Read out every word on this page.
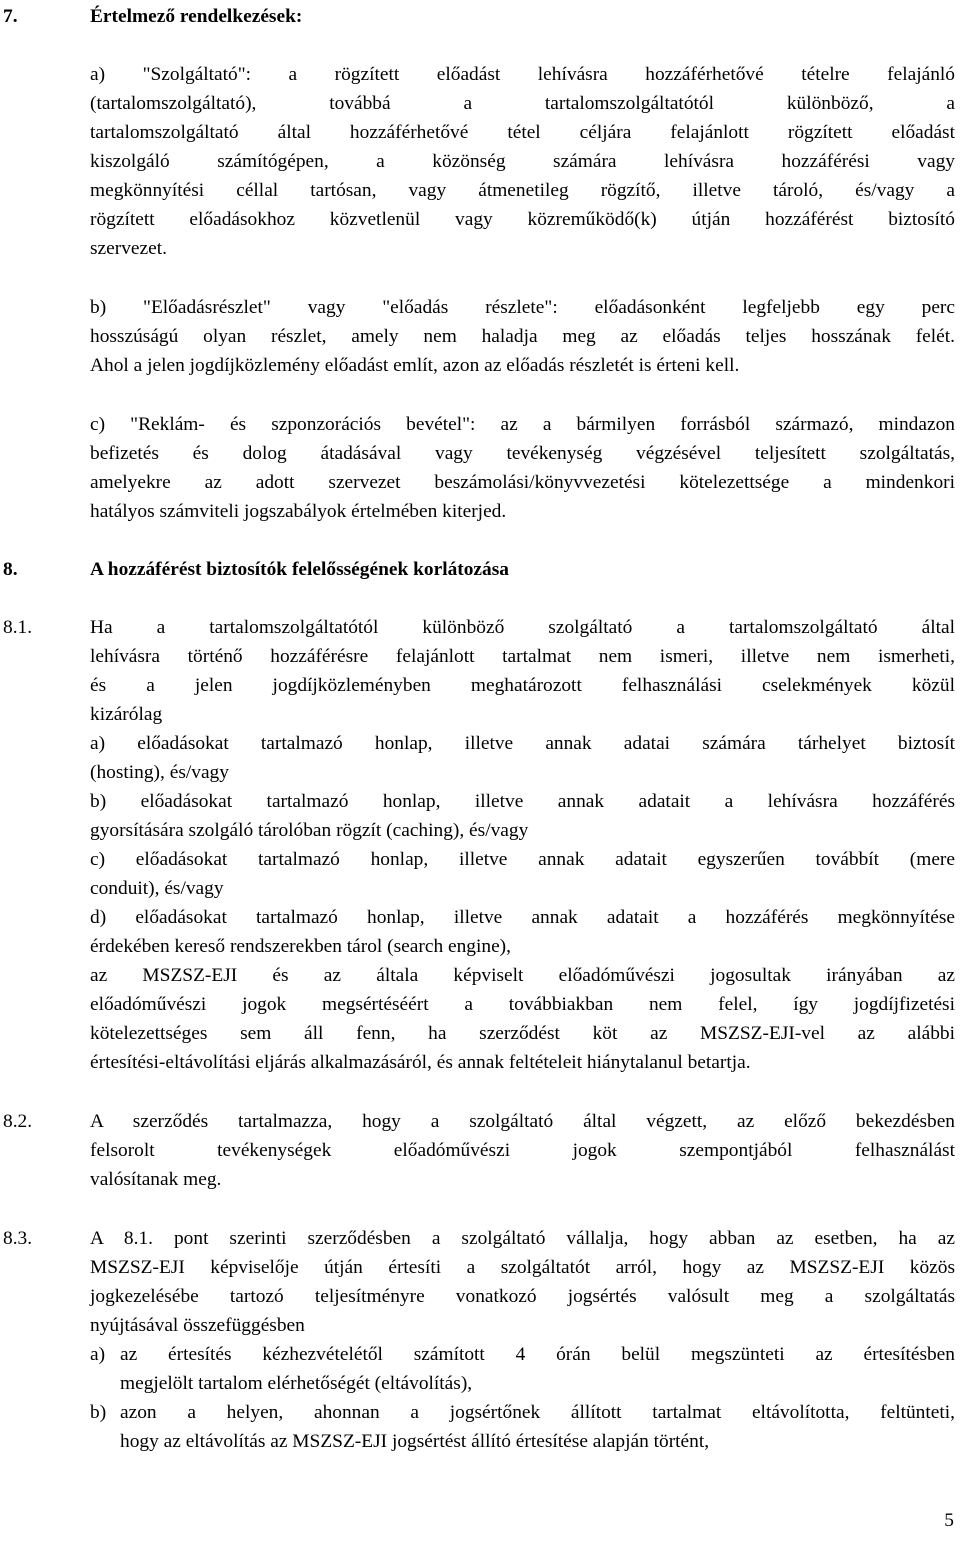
7.	Értelmező rendelkezések:
a) "Szolgáltató": a rögzített előadást lehívásra hozzáférhetővé tételre felajánló
(tartalomszolgáltató), továbbá a tartalomszolgáltatótól különböző, a
tartalomszolgáltató által hozzáférhetővé tétel céljára felajánlott rögzített előadást
kiszolgáló számítógépen, a közönség számára lehívásra hozzáférési vagy
megkönnyítési céllal tartósan, vagy átmenetileg rögzítő, illetve tároló, és/vagy a
rögzített előadásokhoz közvetlenül vagy közreműködő(k) útján hozzáférést biztosító
szervezet.
b) "Előadásrészlet" vagy "előadás részlete": előadásonként legfeljebb egy perc
hosszúságú olyan részlet, amely nem haladja meg az előadás teljes hosszának felét.
Ahol a jelen jogdíjközlemény előadást említ, azon az előadás részletét is érteni kell.
c) "Reklám- és szponzorációs bevétel": az a bármilyen forrásból származó, mindazon
befizetés és dolog átadásával vagy tevékenység végzésével teljesített szolgáltatás,
amelyekre az adott szervezet beszámolási/könyvvezetési kötelezettsége a mindenkori
hatályos számviteli jogszabályok értelmében kiterjed.
8.	A hozzáférést biztosítók felelősségének korlátozása
8.1.	Ha a tartalomszolgáltatótól különböző szolgáltató a tartalomszolgáltató által
lehívásra történő hozzáférésre felajánlott tartalmat nem ismeri, illetve nem ismerheti,
és a jelen jogdíjközleményben meghatározott felhasználási cselekmények közül
kizárólag
a) előadásokat tartalmazó honlap, illetve annak adatai számára tárhelyet biztosít
(hosting), és/vagy
b) előadásokat tartalmazó honlap, illetve annak adatait a lehívásra hozzáférés
gyorsítására szolgáló tárolóban rögzít (caching), és/vagy
c) előadásokat tartalmazó honlap, illetve annak adatait egyszerűen továbbít (mere
conduit), és/vagy
d) előadásokat tartalmazó honlap, illetve annak adatait a hozzáférés megkönnyítése
érdekében kereső rendszerekben tárol (search engine),
az MSZSZ-EJI és az általa képviselt előadóművészi jogosultak irányában az
előadóművészi jogok megsértéséért a továbbiakban nem felel, így jogdíjfizetési
kötelezettséges sem áll fenn, ha szerződést köt az MSZSZ-EJI-vel az alábbi
értesítési-eltávolítási eljárás alkalmazásáról, és annak feltételeit hiánytalanul betartja.
8.2.	A szerződés tartalmazza, hogy a szolgáltató által végzett, az előző bekezdésben
felsorolt tevékenységek előadóművészi jogok szempontjából felhasználást
valósítanak meg.
8.3.	A 8.1. pont szerinti szerződésben a szolgáltató vállalja, hogy abban az esetben, ha az
MSZSZ-EJI képviselője útján értesíti a szolgáltatót arról, hogy az MSZSZ-EJI közös
jogkezelésébe tartozó teljesítményre vonatkozó jogsértés valósult meg a szolgáltatás
nyújtásával összefüggésben
a) az értesítés kézhezvételétől számított 4 órán belül megszünteti az értesítésben
megjelölt tartalom elérhetőségét (eltávolítás),
b) azon a helyen, ahonnan a jogsértőnek állított tartalmat eltávolította, feltünteti,
hogy az eltávolítás az MSZSZ-EJI jogsértést állító értesítése alapján történt,
5
